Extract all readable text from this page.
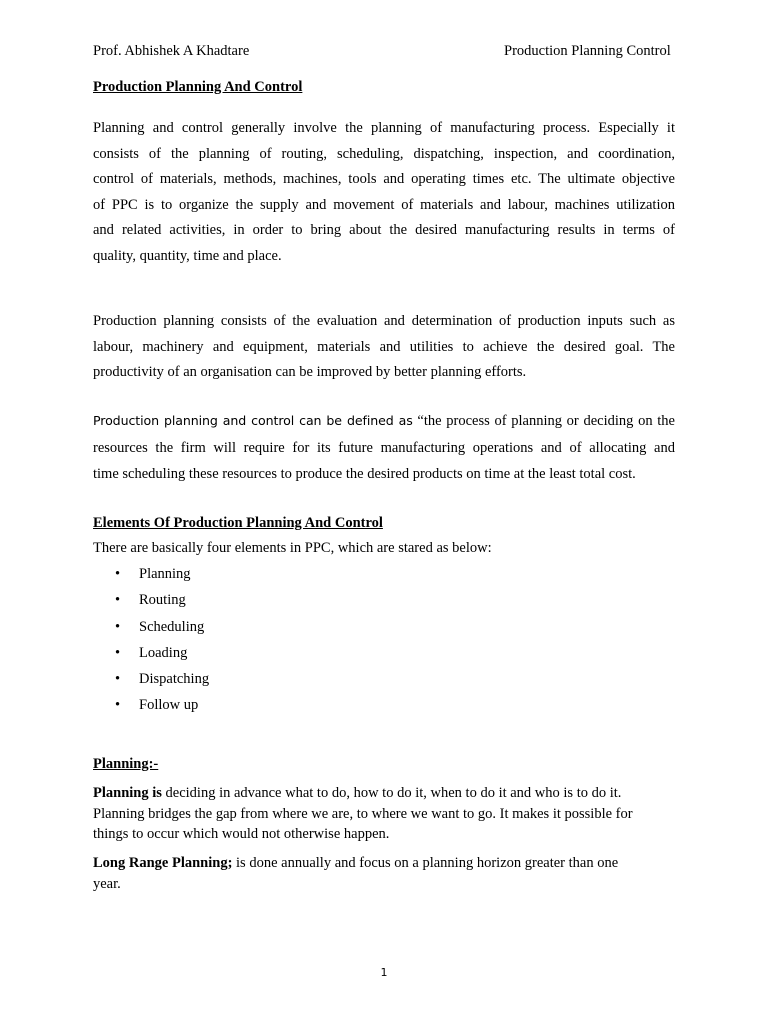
Prof. Abhishek A Khadtare	Production Planning Control
Production Planning And Control
Planning and control generally involve the planning of manufacturing process. Especially it
consists of the planning of routing, scheduling, dispatching, inspection, and coordination,
control of materials, methods, machines, tools and operating times etc. The ultimate objective
of PPC is to organize the supply and movement of materials and labour, machines utilization
and related activities, in order to bring about the desired manufacturing results in terms of
quality, quantity, time and place.
Production planning consists of the evaluation and determination of production inputs such as
labour, machinery and equipment, materials and utilities to achieve the desired goal. The
productivity of an organisation can be improved by better planning efforts.
Production planning and control can be defined as “the process of planning or deciding on the
resources the firm will require for its future manufacturing operations and of allocating and
time scheduling these resources to produce the desired products on time at the least total cost.
Elements Of Production Planning And Control
There are basically four elements in PPC, which are stared as below:
• Planning
• Routing
• Scheduling
• Loading
• Dispatching
• Follow up
Planning:-
Planning is deciding in advance what to do, how to do it, when to do it and who is to do it.
Planning bridges the gap from where we are, to where we want to go. It makes it possible for
things to occur which would not otherwise happen.
Long Range Planning; is done annually and focus on a planning horizon greater than one
year.
1
